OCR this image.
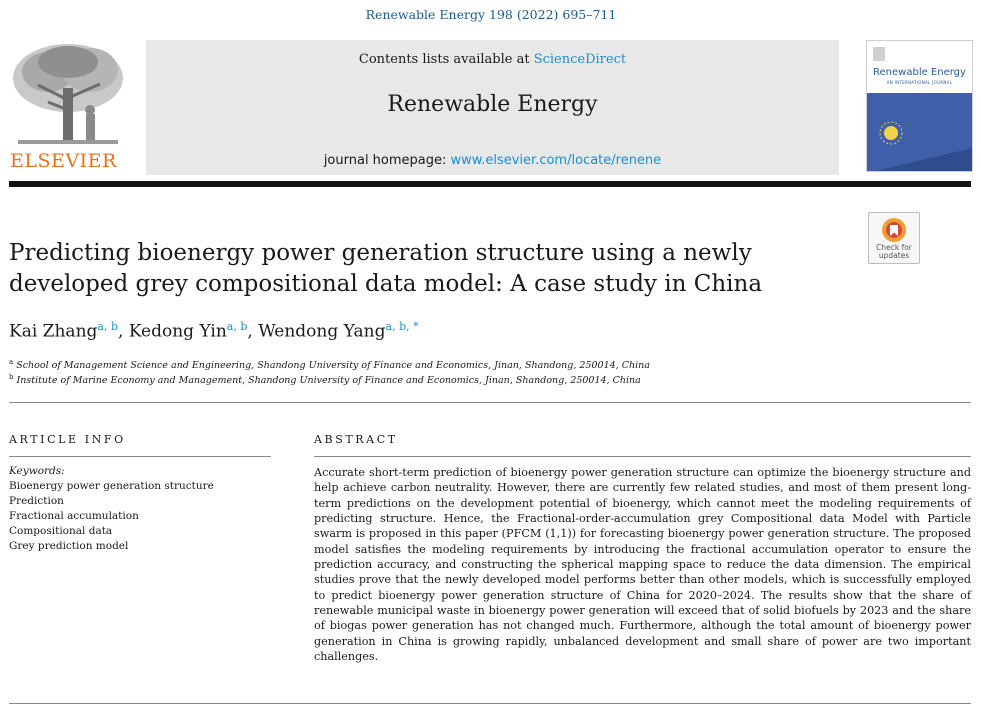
Renewable Energy 198 (2022) 695–711
ELSEVIER
Contents lists available at ScienceDirect
Renewable Energy
journal homepage: www.elsevier.com/locate/renene
Renewable Energy
AN INTERNATIONAL JOURNAL
Check for
updates
Predicting bioenergy power generation structure using a newly developed grey compositional data model: A case study in China
Kai Zhang$^{a, b}$, Kedong Yin$^{a, b}$, Wendong Yang$^{a, b, *}$
$^a$ School of Management Science and Engineering, Shandong University of Finance and Economics, Jinan, Shandong, 250014, China
$^b$ Institute of Marine Economy and Management, Shandong University of Finance and Economics, Jinan, Shandong, 250014, China
ARTICLE INFO
Keywords:
Bioenergy power generation structure
Prediction
Fractional accumulation
Compositional data
Grey prediction model
ABSTRACT
Accurate short-term prediction of bioenergy power generation structure can optimize the bioenergy structure and help achieve carbon neutrality. However, there are currently few related studies, and most of them present long-term predictions on the development potential of bioenergy, which cannot meet the modeling requirements of predicting structure. Hence, the Fractional-order-accumulation grey Compositional data Model with Particle swarm is proposed in this paper (PFCM (1,1)) for forecasting bioenergy power generation structure. The proposed model satisfies the modeling requirements by introducing the fractional accumulation operator to ensure the prediction accuracy, and constructing the spherical mapping space to reduce the data dimension. The empirical studies prove that the newly developed model performs better than other models, which is successfully employed to predict bioenergy power generation structure of China for 2020–2024. The results show that the share of renewable municipal waste in bioenergy power generation will exceed that of solid biofuels by 2023 and the share of biogas power generation has not changed much. Furthermore, although the total amount of bioenergy power generation in China is growing rapidly, unbalanced development and small share of power are two important challenges.
